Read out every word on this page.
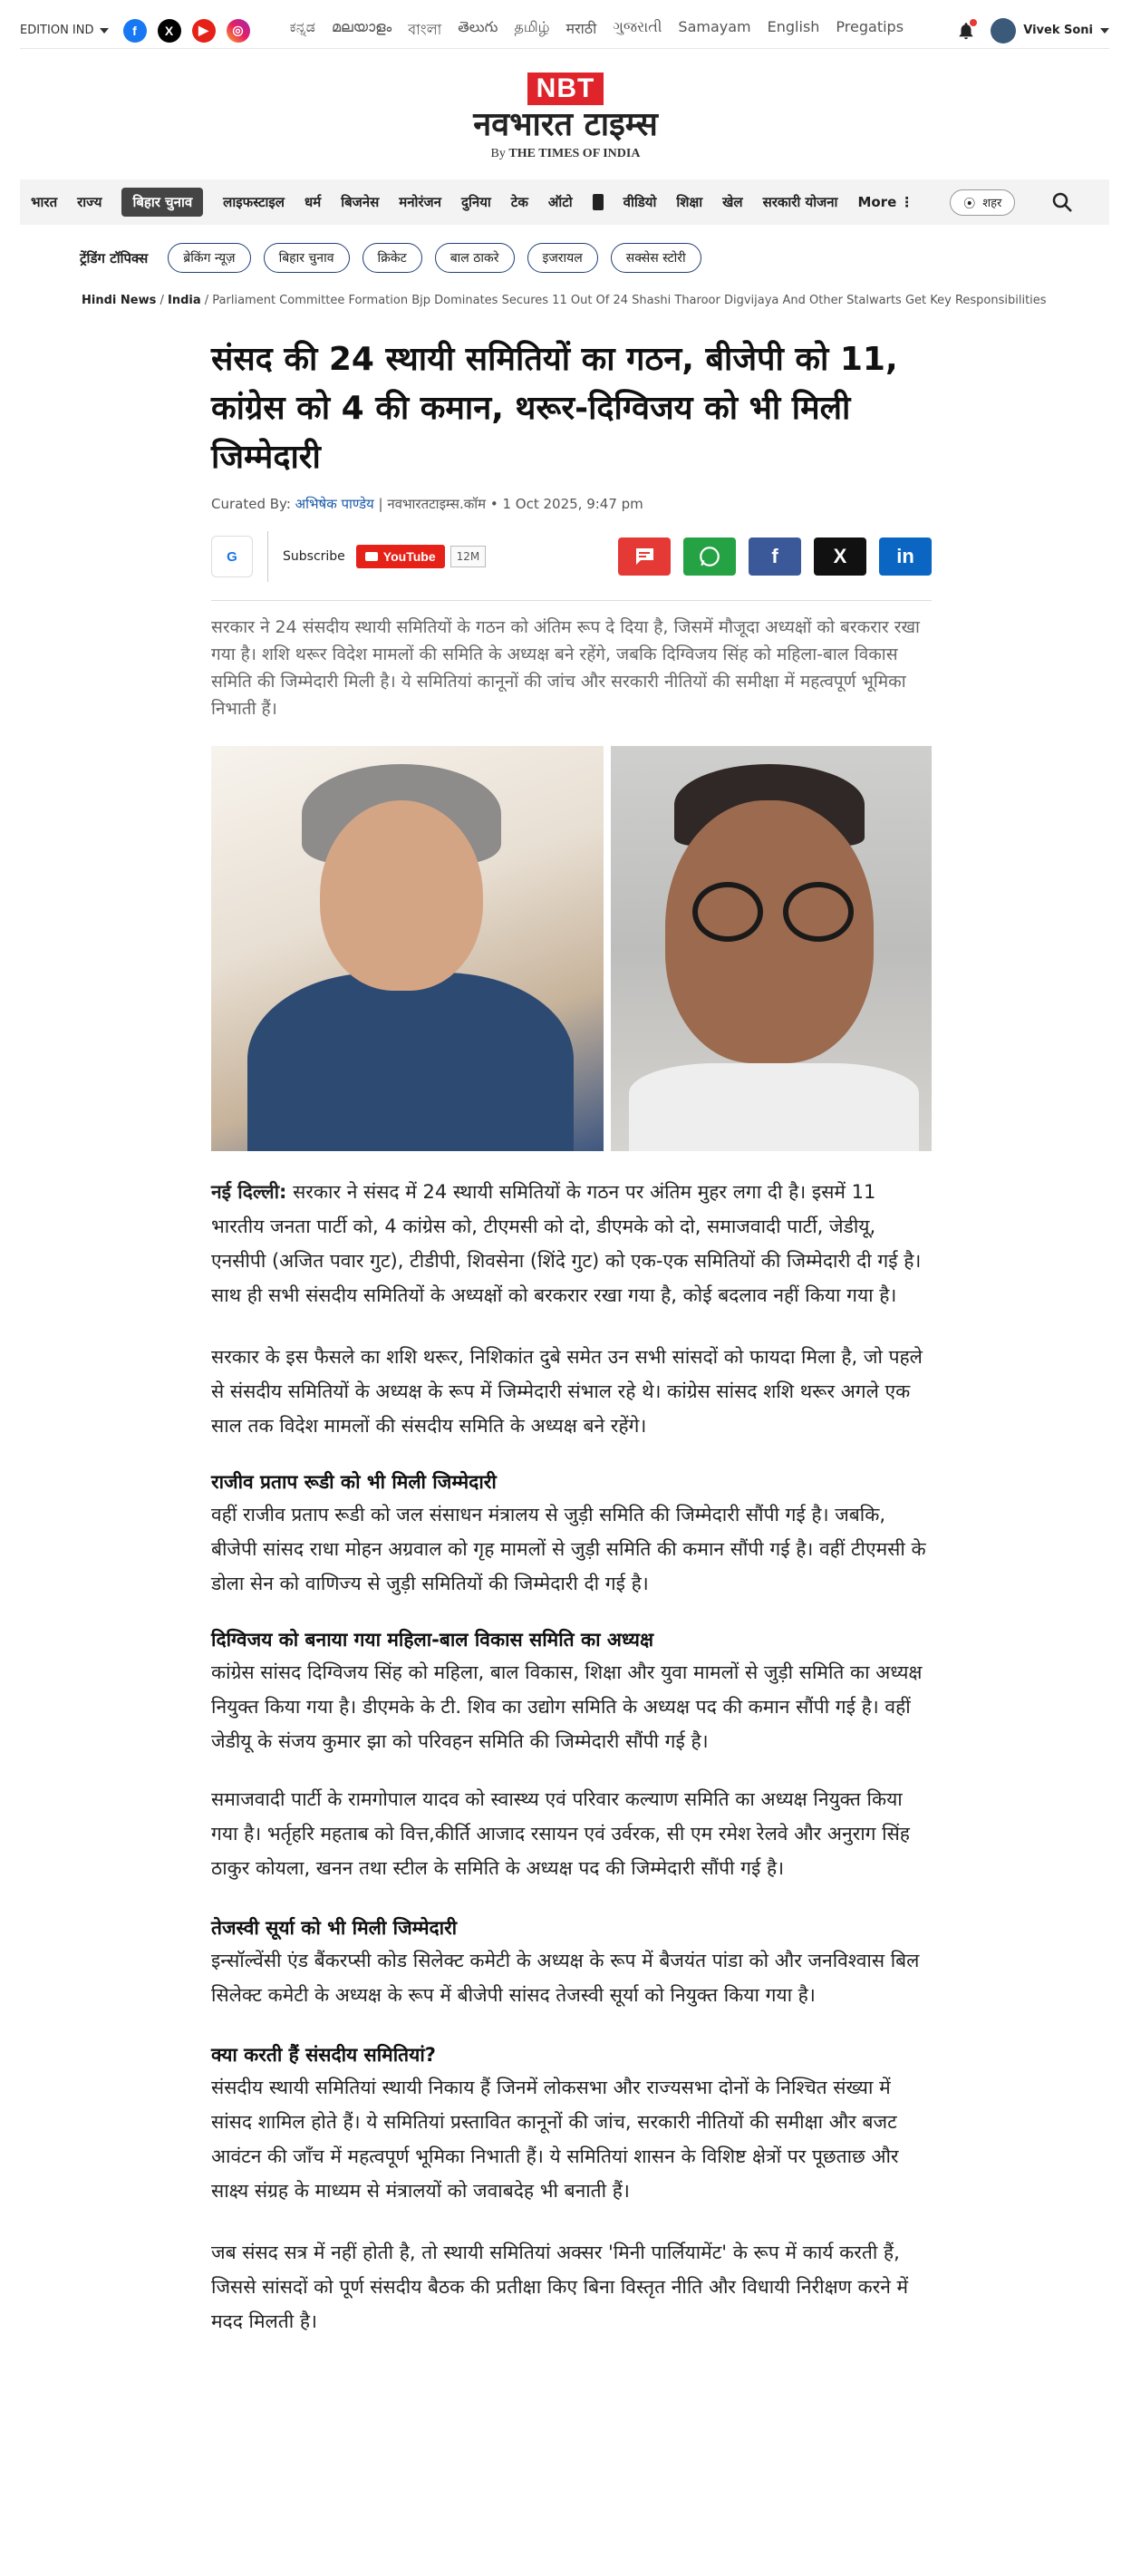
EDITION IND	f	X	▶	◎	ಕನ್ನಡ മലയാളം বাংলা తెలుగు தமிழ் मराठी ગુજરાતી Samayam English Pregatips	Vivek Soni
NBT
नवभारत टाइम्स
By THE TIMES OF INDIA
भारत राज्य	बिहार चुनाव	लाइफस्टाइल धर्म बिजनेस मनोरंजन दुनिया टेक ऑटो	वीडियो शिक्षा खेल सरकारी योजना More ⋮	⦿ शहर
ट्रेंडिंग टॉपिक्स	ब्रेकिंग न्यूज़	बिहार चुनाव	क्रिकेट	बाल ठाकरे	इजरायल	सक्सेस स्टोरी
Hindi News / India / Parliament Committee Formation Bjp Dominates Secures 11 Out Of 24 Shashi Tharoor Digvijaya And Other Stalwarts Get Key Responsibilities
संसद की 24 स्थायी समितियों का गठन, बीजेपी को 11, कांग्रेस को 4 की कमान, थरूर-दिग्विजय को भी मिली जिम्मेदारी
Curated By: अभिषेक पाण्डेय | नवभारतटाइम्स.कॉम • 1 Oct 2025, 9:47 pm
G	Subscribe	YouTube	12M	f	X in

सरकार ने 24 संसदीय स्थायी समितियों के गठन को अंतिम रूप दे दिया है, जिसमें मौजूदा अध्यक्षों को बरकरार रखा गया है। शशि थरूर विदेश मामलों की समिति के अध्यक्ष बने रहेंगे, जबकि दिग्विजय सिंह को महिला-बाल विकास समिति की जिम्मेदारी मिली है। ये समितियां कानूनों की जांच और सरकारी नीतियों की समीक्षा में महत्वपूर्ण भूमिका निभाती हैं।

नई दिल्ली: सरकार ने संसद में 24 स्थायी समितियों के गठन पर अंतिम मुहर लगा दी है। इसमें 11 भारतीय जनता पार्टी को, 4 कांग्रेस को, टीएमसी को दो, डीएमके को दो, समाजवादी पार्टी, जेडीयू, एनसीपी (अजित पवार गुट), टीडीपी, शिवसेना (शिंदे गुट) को एक-एक समितियों की जिम्मेदारी दी गई है। साथ ही सभी संसदीय समितियों के अध्यक्षों को बरकरार रखा गया है, कोई बदलाव नहीं किया गया है।

सरकार के इस फैसले का शशि थरूर, निशिकांत दुबे समेत उन सभी सांसदों को फायदा मिला है, जो पहले से संसदीय समितियों के अध्यक्ष के रूप में जिम्मेदारी संभाल रहे थे। कांग्रेस सांसद शशि थरूर अगले एक साल तक विदेश मामलों की संसदीय समिति के अध्यक्ष बने रहेंगे।

राजीव प्रताप रूडी को भी मिली जिम्मेदारी

वहीं राजीव प्रताप रूडी को जल संसाधन मंत्रालय से जुड़ी समिति की जिम्मेदारी सौंपी गई है। जबकि, बीजेपी सांसद राधा मोहन अग्रवाल को गृह मामलों से जुड़ी समिति की कमान सौंपी गई है। वहीं टीएमसी के डोला सेन को वाणिज्य से जुड़ी समितियों की जिम्मेदारी दी गई है।

दिग्विजय को बनाया गया महिला-बाल विकास समिति का अध्यक्ष

कांग्रेस सांसद दिग्विजय सिंह को महिला, बाल विकास, शिक्षा और युवा मामलों से जुड़ी समिति का अध्यक्ष नियुक्त किया गया है। डीएमके के टी. शिव का उद्योग समिति के अध्यक्ष पद की कमान सौंपी गई है। वहीं जेडीयू के संजय कुमार झा को परिवहन समिति की जिम्मेदारी सौंपी गई है।

समाजवादी पार्टी के रामगोपाल यादव को स्वास्थ्य एवं परिवार कल्याण समिति का अध्यक्ष नियुक्त किया गया है। भर्तृहरि महताब को वित्त,कीर्ति आजाद रसायन एवं उर्वरक, सी एम रमेश रेलवे और अनुराग सिंह ठाकुर कोयला, खनन तथा स्टील के समिति के अध्यक्ष पद की जिम्मेदारी सौंपी गई है।

तेजस्वी सूर्या को भी मिली जिम्मेदारी

इन्सॉल्वेंसी एंड बैंकरप्सी कोड सिलेक्ट कमेटी के अध्यक्ष के रूप में बैजयंत पांडा को और जनविश्वास बिल सिलेक्ट कमेटी के अध्यक्ष के रूप में बीजेपी सांसद तेजस्वी सूर्या को नियुक्त किया गया है।

क्या करती हैं संसदीय समितियां?

संसदीय स्थायी समितियां स्थायी निकाय हैं जिनमें लोकसभा और राज्यसभा दोनों के निश्चित संख्या में सांसद शामिल होते हैं। ये समितियां प्रस्तावित कानूनों की जांच, सरकारी नीतियों की समीक्षा और बजट आवंटन की जाँच में महत्वपूर्ण भूमिका निभाती हैं। ये समितियां शासन के विशिष्ट क्षेत्रों पर पूछताछ और साक्ष्य संग्रह के माध्यम से मंत्रालयों को जवाबदेह भी बनाती हैं।

जब संसद सत्र में नहीं होती है, तो स्थायी समितियां अक्सर 'मिनी पार्लियामेंट' के रूप में कार्य करती हैं, जिससे सांसदों को पूर्ण संसदीय बैठक की प्रतीक्षा किए बिना विस्तृत नीति और विधायी निरीक्षण करने में मदद मिलती है।
